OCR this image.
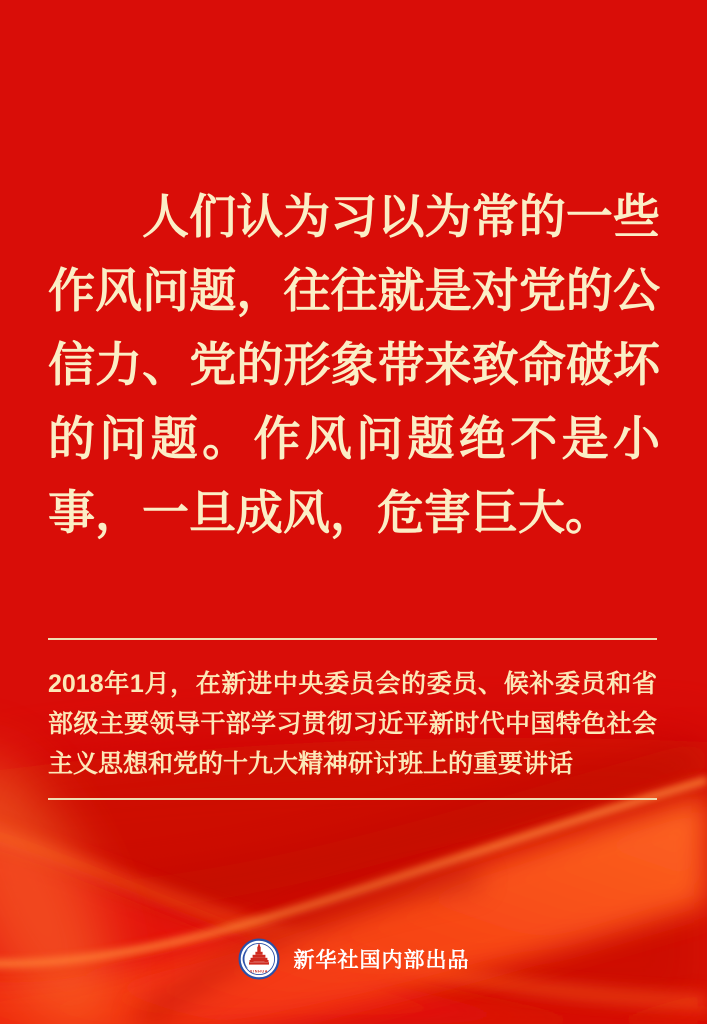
人们认为习以为常的一些作风问题，往往就是对党的公信力、党的形象带来致命破坏的问题。作风问题绝不是小事，一旦成风，危害巨大。

2018年1月，在新进中央委员会的委员、候补委员和省部级主要领导干部学习贯彻习近平新时代中国特色社会主义思想和党的十九大精神研讨班上的重要讲话

XINHUA 新华社国内部出品
